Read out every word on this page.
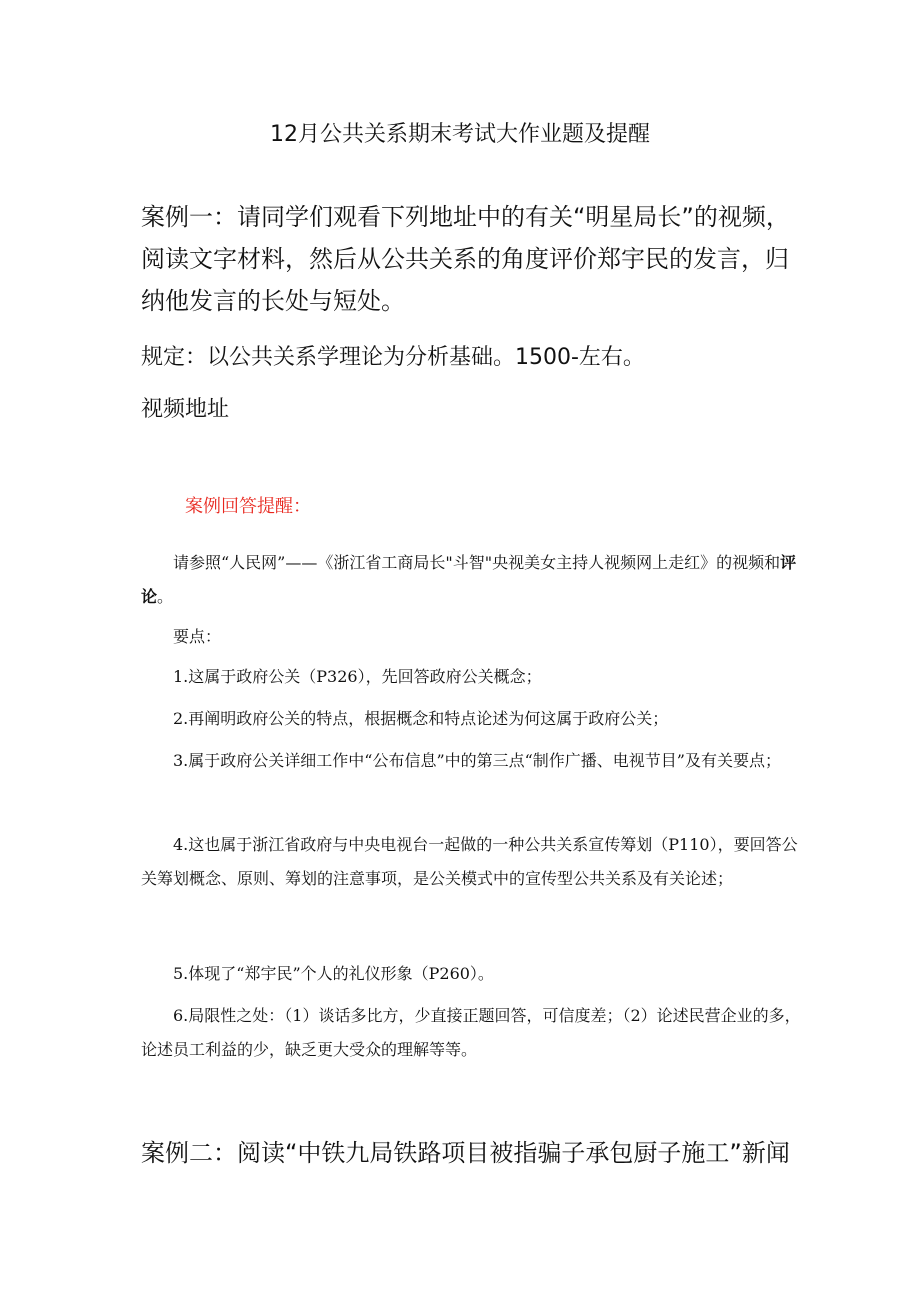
12月公共关系期末考试大作业题及提醒
案例一：请同学们观看下列地址中的有关“明星局长”的视频，阅读文字材料，然后从公共关系的角度评价郑宇民的发言，归纳他发言的长处与短处。
规定：以公共关系学理论为分析基础。1500-左右。
视频地址
案例回答提醒：
请参照“人民网”——《浙江省工商局长"斗智"央视美女主持人视频网上走红》的视频和评论。
要点：
1.这属于政府公关（P326），先回答政府公关概念；
2.再阐明政府公关的特点，根据概念和特点论述为何这属于政府公关；
3.属于政府公关详细工作中“公布信息”中的第三点“制作广播、电视节目”及有关要点；
4.这也属于浙江省政府与中央电视台一起做的一种公共关系宣传筹划（P110），要回答公关筹划概念、原则、筹划的注意事项，是公关模式中的宣传型公共关系及有关论述；
5.体现了“郑宇民”个人的礼仪形象（P260）。
6.局限性之处：（1）谈话多比方，少直接正题回答，可信度差；（2）论述民营企业的多，论述员工利益的少，缺乏更大受众的理解等等。
案例二：阅读“中铁九局铁路项目被指骗子承包厨子施工”新闻
